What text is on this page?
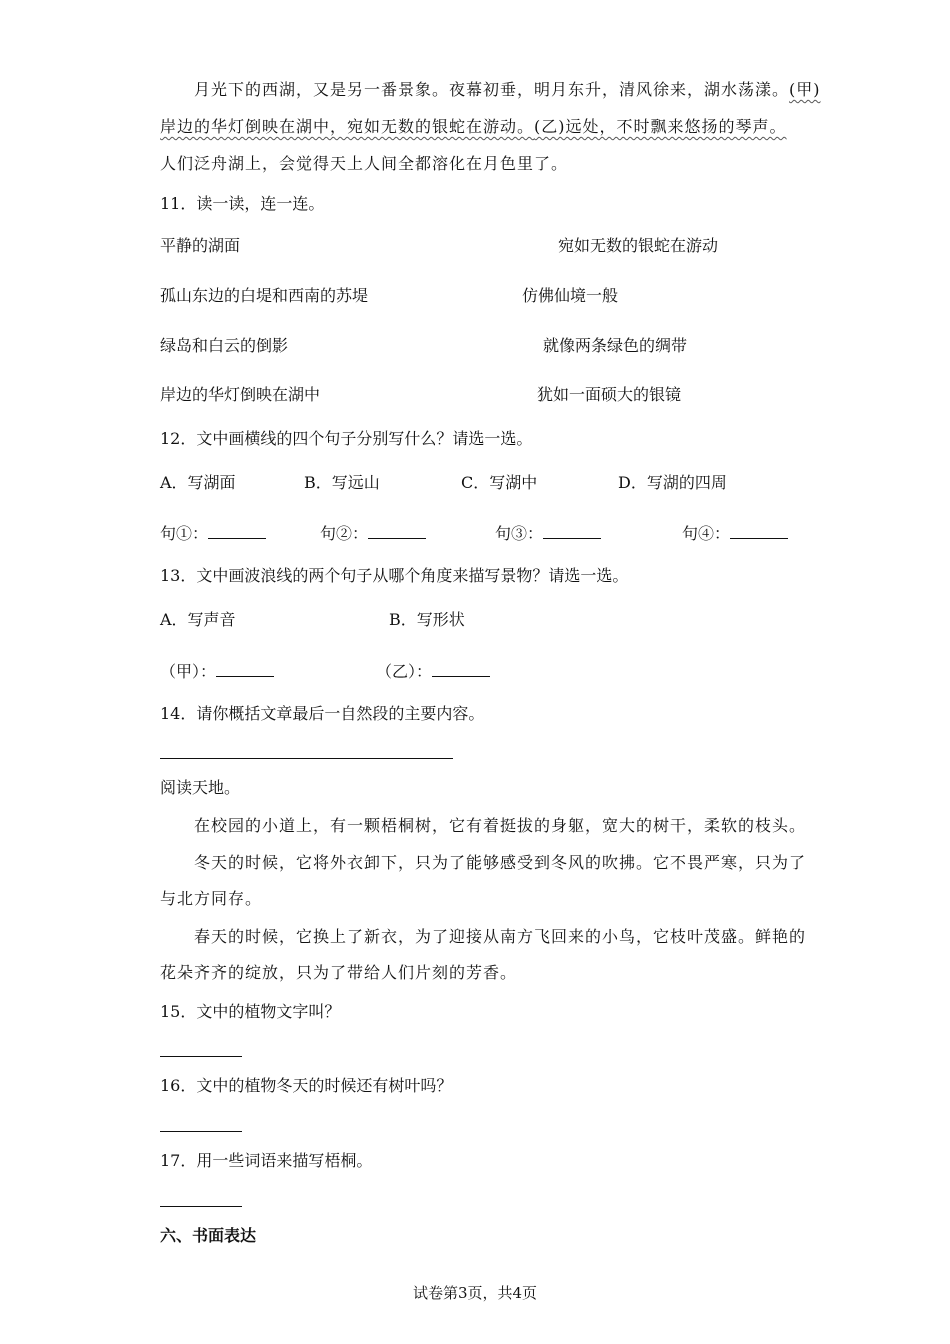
月光下的西湖，又是另一番景象。夜幕初垂，明月东升，清风徐来，湖水荡漾。(甲)
岸边的华灯倒映在湖中，宛如无数的银蛇在游动。(乙)远处，不时飘来悠扬的琴声。
人们泛舟湖上，会觉得天上人间全都溶化在月色里了。
11．读一读，连一连。
平静的湖面	宛如无数的银蛇在游动
孤山东边的白堤和西南的苏堤	仿佛仙境一般
绿岛和白云的倒影	就像两条绿色的绸带
岸边的华灯倒映在湖中	犹如一面硕大的银镜
12．文中画横线的四个句子分别写什么？请选一选。
A．写湖面	B．写远山	C．写湖中	D．写湖的四周
句①：	句②：	句③：	句④：
13．文中画波浪线的两个句子从哪个角度来描写景物？请选一选。
A．写声音	B．写形状
（甲）：	（乙）：
14．请你概括文章最后一自然段的主要内容。
阅读天地。
在校园的小道上，有一颗梧桐树，它有着挺拔的身躯，宽大的树干，柔软的枝头。
冬天的时候，它将外衣卸下，只为了能够感受到冬风的吹拂。它不畏严寒，只为了
与北方同存。
春天的时候，它换上了新衣，为了迎接从南方飞回来的小鸟，它枝叶茂盛。鲜艳的
花朵齐齐的绽放，只为了带给人们片刻的芳香。
15．文中的植物文字叫？
16．文中的植物冬天的时候还有树叶吗？
17．用一些词语来描写梧桐。
六、书面表达
试卷第3页，共4页
